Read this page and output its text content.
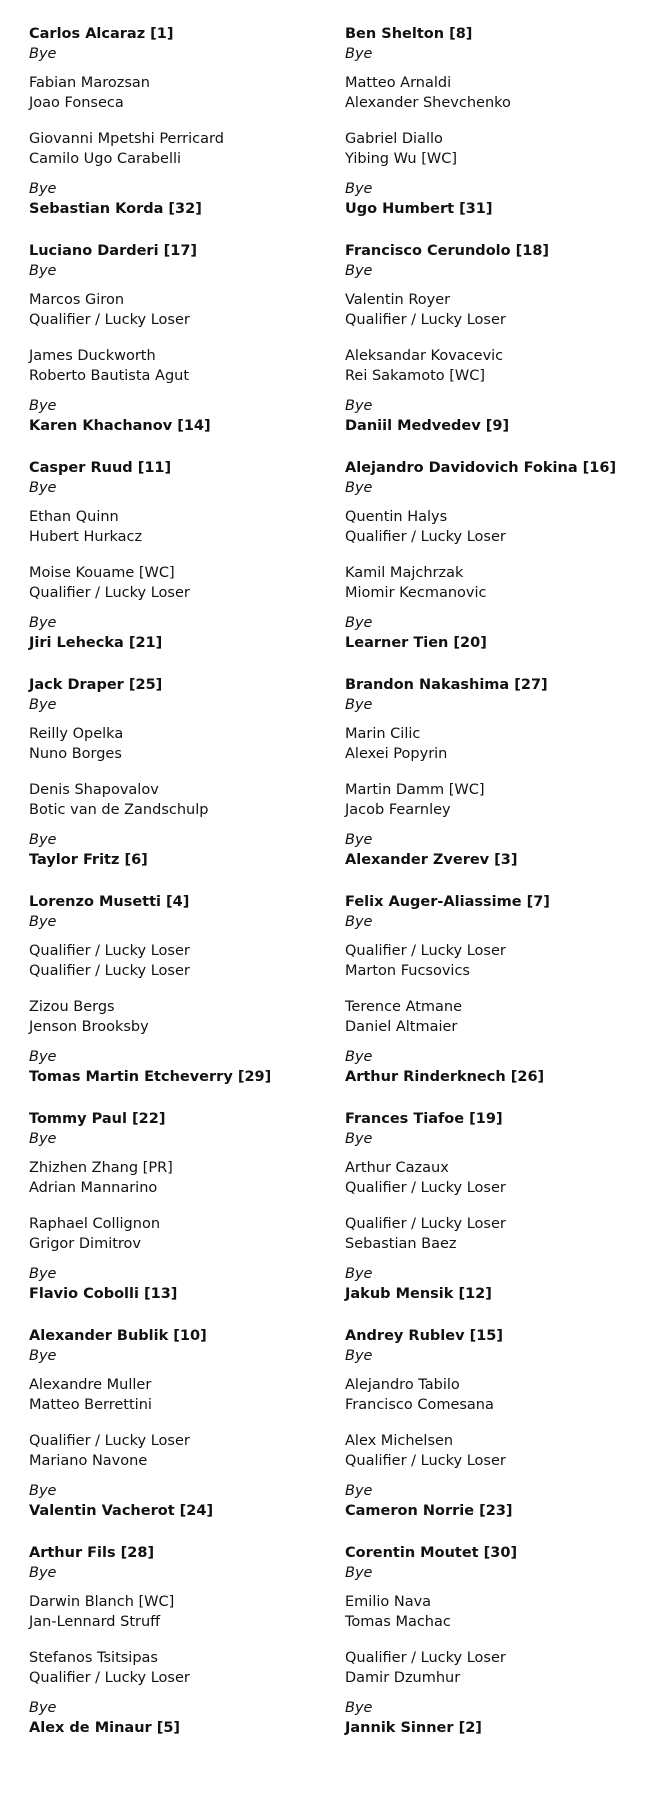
Carlos Alcaraz [1]
Bye
Fabian Marozsan
Joao Fonseca
Giovanni Mpetshi Perricard
Camilo Ugo Carabelli
Bye
Sebastian Korda [32]
Luciano Darderi [17]
Bye
Marcos Giron
Qualifier / Lucky Loser
James Duckworth
Roberto Bautista Agut
Bye
Karen Khachanov [14]
Casper Ruud [11]
Bye
Ethan Quinn
Hubert Hurkacz
Moise Kouame [WC]
Qualifier / Lucky Loser
Bye
Jiri Lehecka [21]
Jack Draper [25]
Bye
Reilly Opelka
Nuno Borges
Denis Shapovalov
Botic van de Zandschulp
Bye
Taylor Fritz [6]
Lorenzo Musetti [4]
Bye
Qualifier / Lucky Loser
Qualifier / Lucky Loser
Zizou Bergs
Jenson Brooksby
Bye
Tomas Martin Etcheverry [29]
Tommy Paul [22]
Bye
Zhizhen Zhang [PR]
Adrian Mannarino
Raphael Collignon
Grigor Dimitrov
Bye
Flavio Cobolli [13]
Alexander Bublik [10]
Bye
Alexandre Muller
Matteo Berrettini
Qualifier / Lucky Loser
Mariano Navone
Bye
Valentin Vacherot [24]
Arthur Fils [28]
Bye
Darwin Blanch [WC]
Jan-Lennard Struff
Stefanos Tsitsipas
Qualifier / Lucky Loser
Bye
Alex de Minaur [5]
Ben Shelton [8]
Bye
Matteo Arnaldi
Alexander Shevchenko
Gabriel Diallo
Yibing Wu [WC]
Bye
Ugo Humbert [31]
Francisco Cerundolo [18]
Bye
Valentin Royer
Qualifier / Lucky Loser
Aleksandar Kovacevic
Rei Sakamoto [WC]
Bye
Daniil Medvedev [9]
Alejandro Davidovich Fokina [16]
Bye
Quentin Halys
Qualifier / Lucky Loser
Kamil Majchrzak
Miomir Kecmanovic
Bye
Learner Tien [20]
Brandon Nakashima [27]
Bye
Marin Cilic
Alexei Popyrin
Martin Damm [WC]
Jacob Fearnley
Bye
Alexander Zverev [3]
Felix Auger-Aliassime [7]
Bye
Qualifier / Lucky Loser
Marton Fucsovics
Terence Atmane
Daniel Altmaier
Bye
Arthur Rinderknech [26]
Frances Tiafoe [19]
Bye
Arthur Cazaux
Qualifier / Lucky Loser
Qualifier / Lucky Loser
Sebastian Baez
Bye
Jakub Mensik [12]
Andrey Rublev [15]
Bye
Alejandro Tabilo
Francisco Comesana
Alex Michelsen
Qualifier / Lucky Loser
Bye
Cameron Norrie [23]
Corentin Moutet [30]
Bye
Emilio Nava
Tomas Machac
Qualifier / Lucky Loser
Damir Dzumhur
Bye
Jannik Sinner [2]
